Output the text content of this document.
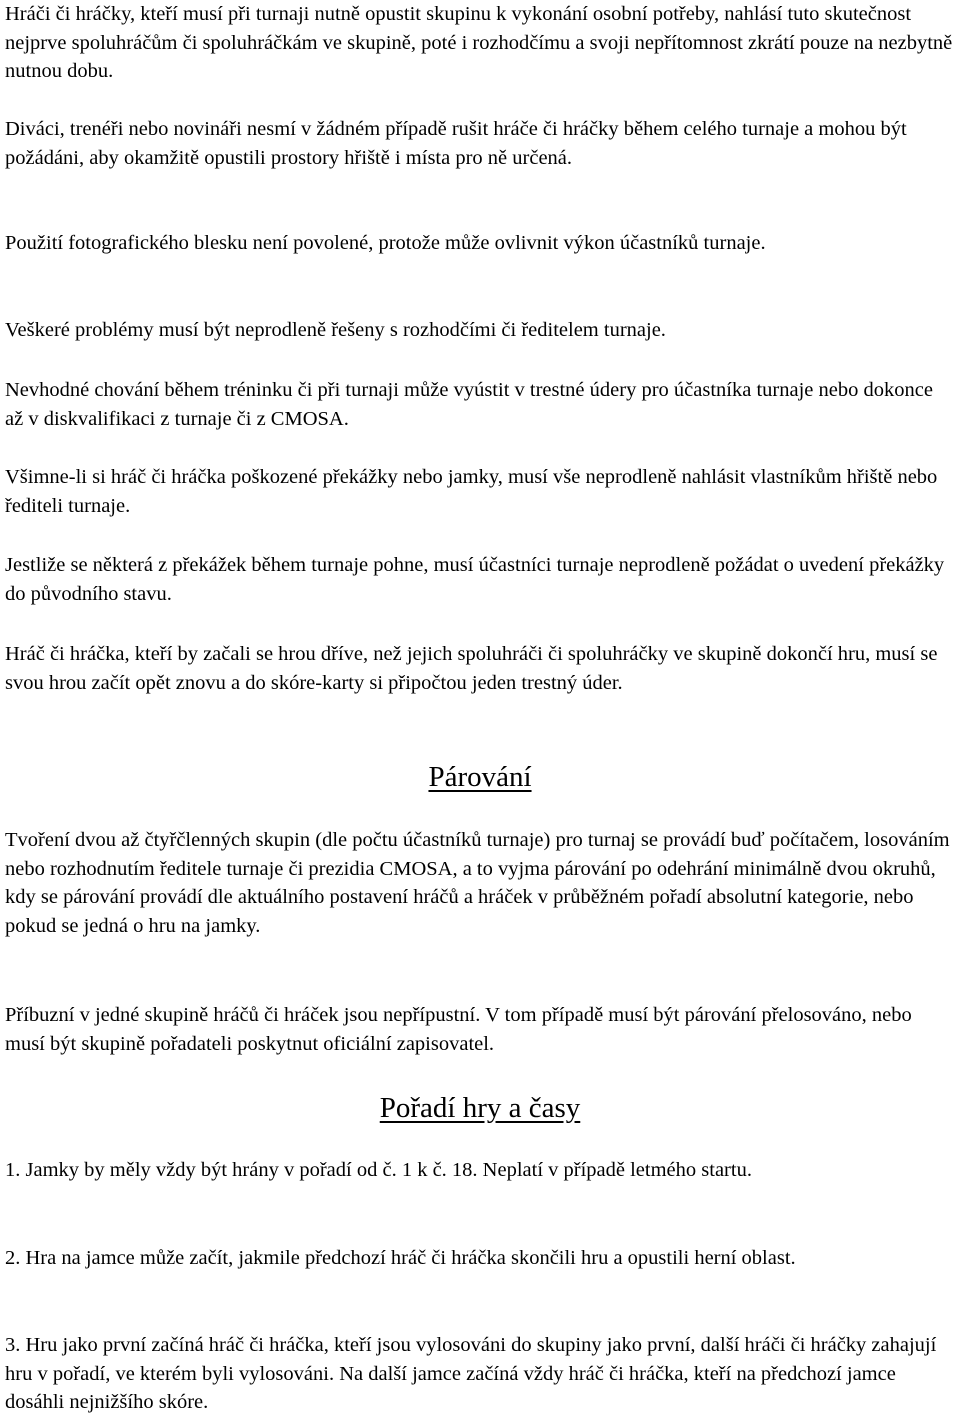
Hráči či hráčky, kteří musí při turnaji nutně opustit skupinu k vykonání osobní potřeby, nahlásí tuto skutečnost nejprve spoluhráčům či spoluhráčkám ve skupině, poté i rozhodčímu a svoji nepřítomnost zkrátí pouze na nezbytně nutnou dobu.

Diváci, trenéři nebo novináři nesmí v žádném případě rušit hráče či hráčky během celého turnaje a mohou být požádáni, aby okamžitě opustili prostory hřiště i místa pro ně určená.

Použití fotografického blesku není povolené, protože může ovlivnit výkon účastníků turnaje.

Veškeré problémy musí být neprodleně řešeny s rozhodčími či ředitelem turnaje.

Nevhodné chování během tréninku či při turnaji může vyústit v trestné údery pro účastníka turnaje nebo dokonce až v diskvalifikaci z turnaje či z CMOSA.

Všimne-li si hráč či hráčka poškozené překážky nebo jamky, musí vše neprodleně nahlásit vlastníkům hřiště nebo řediteli turnaje.

Jestliže se některá z překážek během turnaje pohne, musí účastníci turnaje neprodleně požádat o uvedení překážky do původního stavu.

Hráč či hráčka, kteří by začali se hrou dříve, než jejich spoluhráči či spoluhráčky ve skupině dokončí hru, musí se svou hrou začít opět znovu a do skóre-karty si připočtou jeden trestný úder.

Párování

Tvoření dvou až čtyřčlenných skupin (dle počtu účastníků turnaje) pro turnaj se provádí buď počítačem, losováním nebo rozhodnutím ředitele turnaje či prezidia CMOSA, a to vyjma párování po odehrání minimálně dvou okruhů, kdy se párování provádí dle aktuálního postavení hráčů a hráček v průběžném pořadí absolutní kategorie, nebo pokud se jedná o hru na jamky.

Příbuzní v jedné skupině hráčů či hráček jsou nepřípustní. V tom případě musí být párování přelosováno, nebo musí být skupině pořadateli poskytnut oficiální zapisovatel.

Pořadí hry a časy

1. Jamky by měly vždy být hrány v pořadí od č. 1 k č. 18. Neplatí v případě letmého startu.

2. Hra na jamce může začít, jakmile předchozí hráč či hráčka skončili hru a opustili herní oblast.

3. Hru jako první začíná hráč či hráčka, kteří jsou vylosováni do skupiny jako první, další hráči či hráčky zahajují hru v pořadí, ve kterém byli vylosováni. Na další jamce začíná vždy hráč či hráčka, kteří na předchozí jamce dosáhli nejnižšího skóre.
